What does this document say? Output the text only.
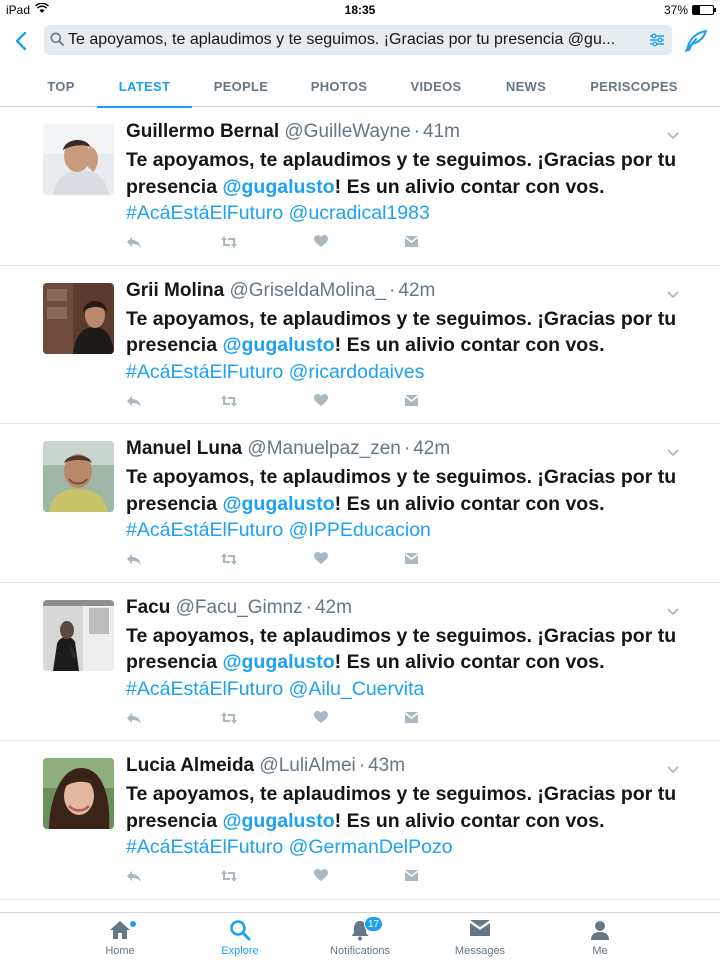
iPad	18:35	37%
Te apoyamos, te aplaudimos y te seguimos. ¡Gracias por tu presencia @gu...
TOP	LATEST	PEOPLE	PHOTOS	VIDEOS	NEWS	PERISCOPES
Guillermo Bernal @GuilleWayne · 41m
Te apoyamos, te aplaudimos y te seguimos. ¡Gracias por tu presencia @gugalusto! Es un alivio contar con vos.
#AcáEstáElFuturo @ucradical1983
Grii Molina @GriseldaMolina_ · 42m
Te apoyamos, te aplaudimos y te seguimos. ¡Gracias por tu presencia @gugalusto! Es un alivio contar con vos.
#AcáEstáElFuturo @ricardodaives
Manuel Luna @Manuelpaz_zen · 42m
Te apoyamos, te aplaudimos y te seguimos. ¡Gracias por tu presencia @gugalusto! Es un alivio contar con vos.
#AcáEstáElFuturo @IPPEducacion
Facu @Facu_Gimnz · 42m
Te apoyamos, te aplaudimos y te seguimos. ¡Gracias por tu presencia @gugalusto! Es un alivio contar con vos.
#AcáEstáElFuturo @Ailu_Cuervita
Lucia Almeida @LuliAlmei · 43m
Te apoyamos, te aplaudimos y te seguimos. ¡Gracias por tu presencia @gugalusto! Es un alivio contar con vos.
#AcáEstáElFuturo @GermanDelPozo
Home	Explore
17
Notifications	Messages	Me
